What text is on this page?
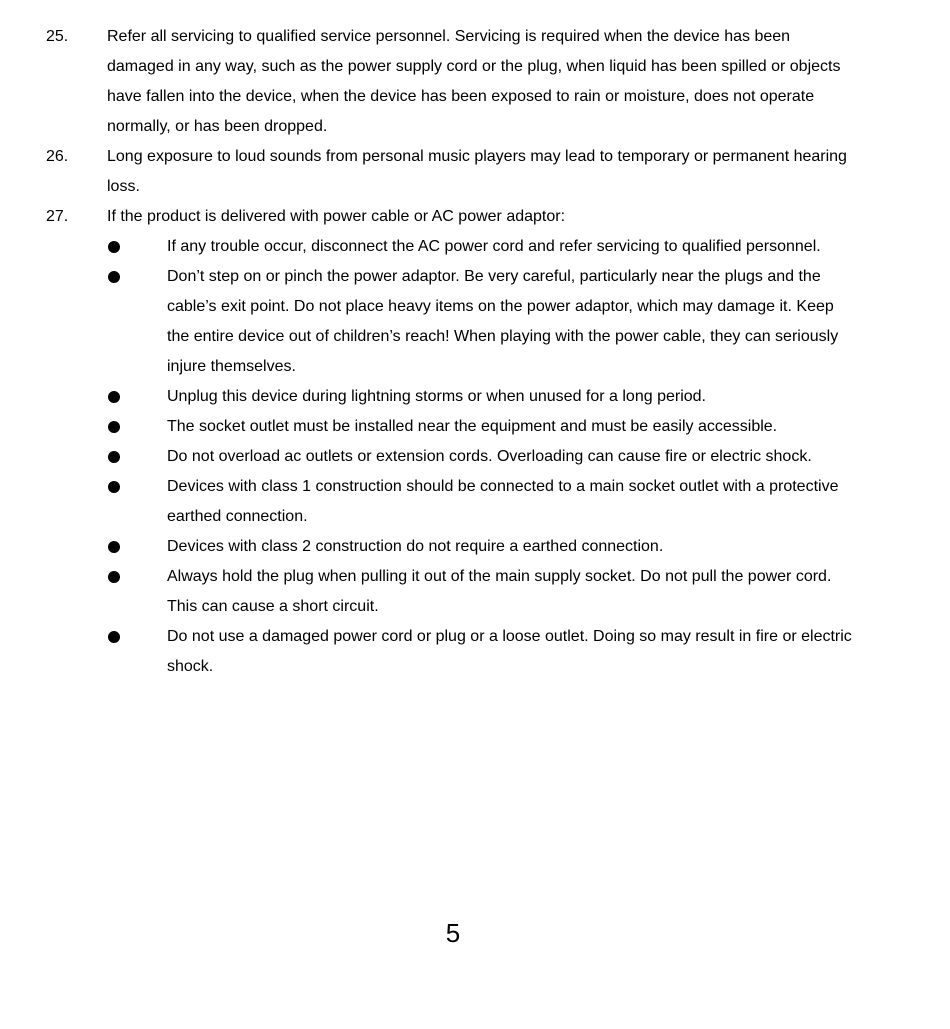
25. Refer all servicing to qualified service personnel. Servicing is required when the device has been damaged in any way, such as the power supply cord or the plug, when liquid has been spilled or objects have fallen into the device, when the device has been exposed to rain or moisture, does not operate normally, or has been dropped.
26. Long exposure to loud sounds from personal music players may lead to temporary or permanent hearing loss.
27. If the product is delivered with power cable or AC power adaptor:
If any trouble occur, disconnect the AC power cord and refer servicing to qualified personnel.
Don’t step on or pinch the power adaptor. Be very careful, particularly near the plugs and the cable’s exit point. Do not place heavy items on the power adaptor, which may damage it. Keep the entire device out of children’s reach! When playing with the power cable, they can seriously injure themselves.
Unplug this device during lightning storms or when unused for a long period.
The socket outlet must be installed near the equipment and must be easily accessible.
Do not overload ac outlets or extension cords. Overloading can cause fire or electric shock.
Devices with class 1 construction should be connected to a main socket outlet with a protective earthed connection.
Devices with class 2 construction do not require a earthed connection.
Always hold the plug when pulling it out of the main supply socket. Do not pull the power cord. This can cause a short circuit.
Do not use a damaged power cord or plug or a loose outlet. Doing so may result in fire or electric shock.
5
